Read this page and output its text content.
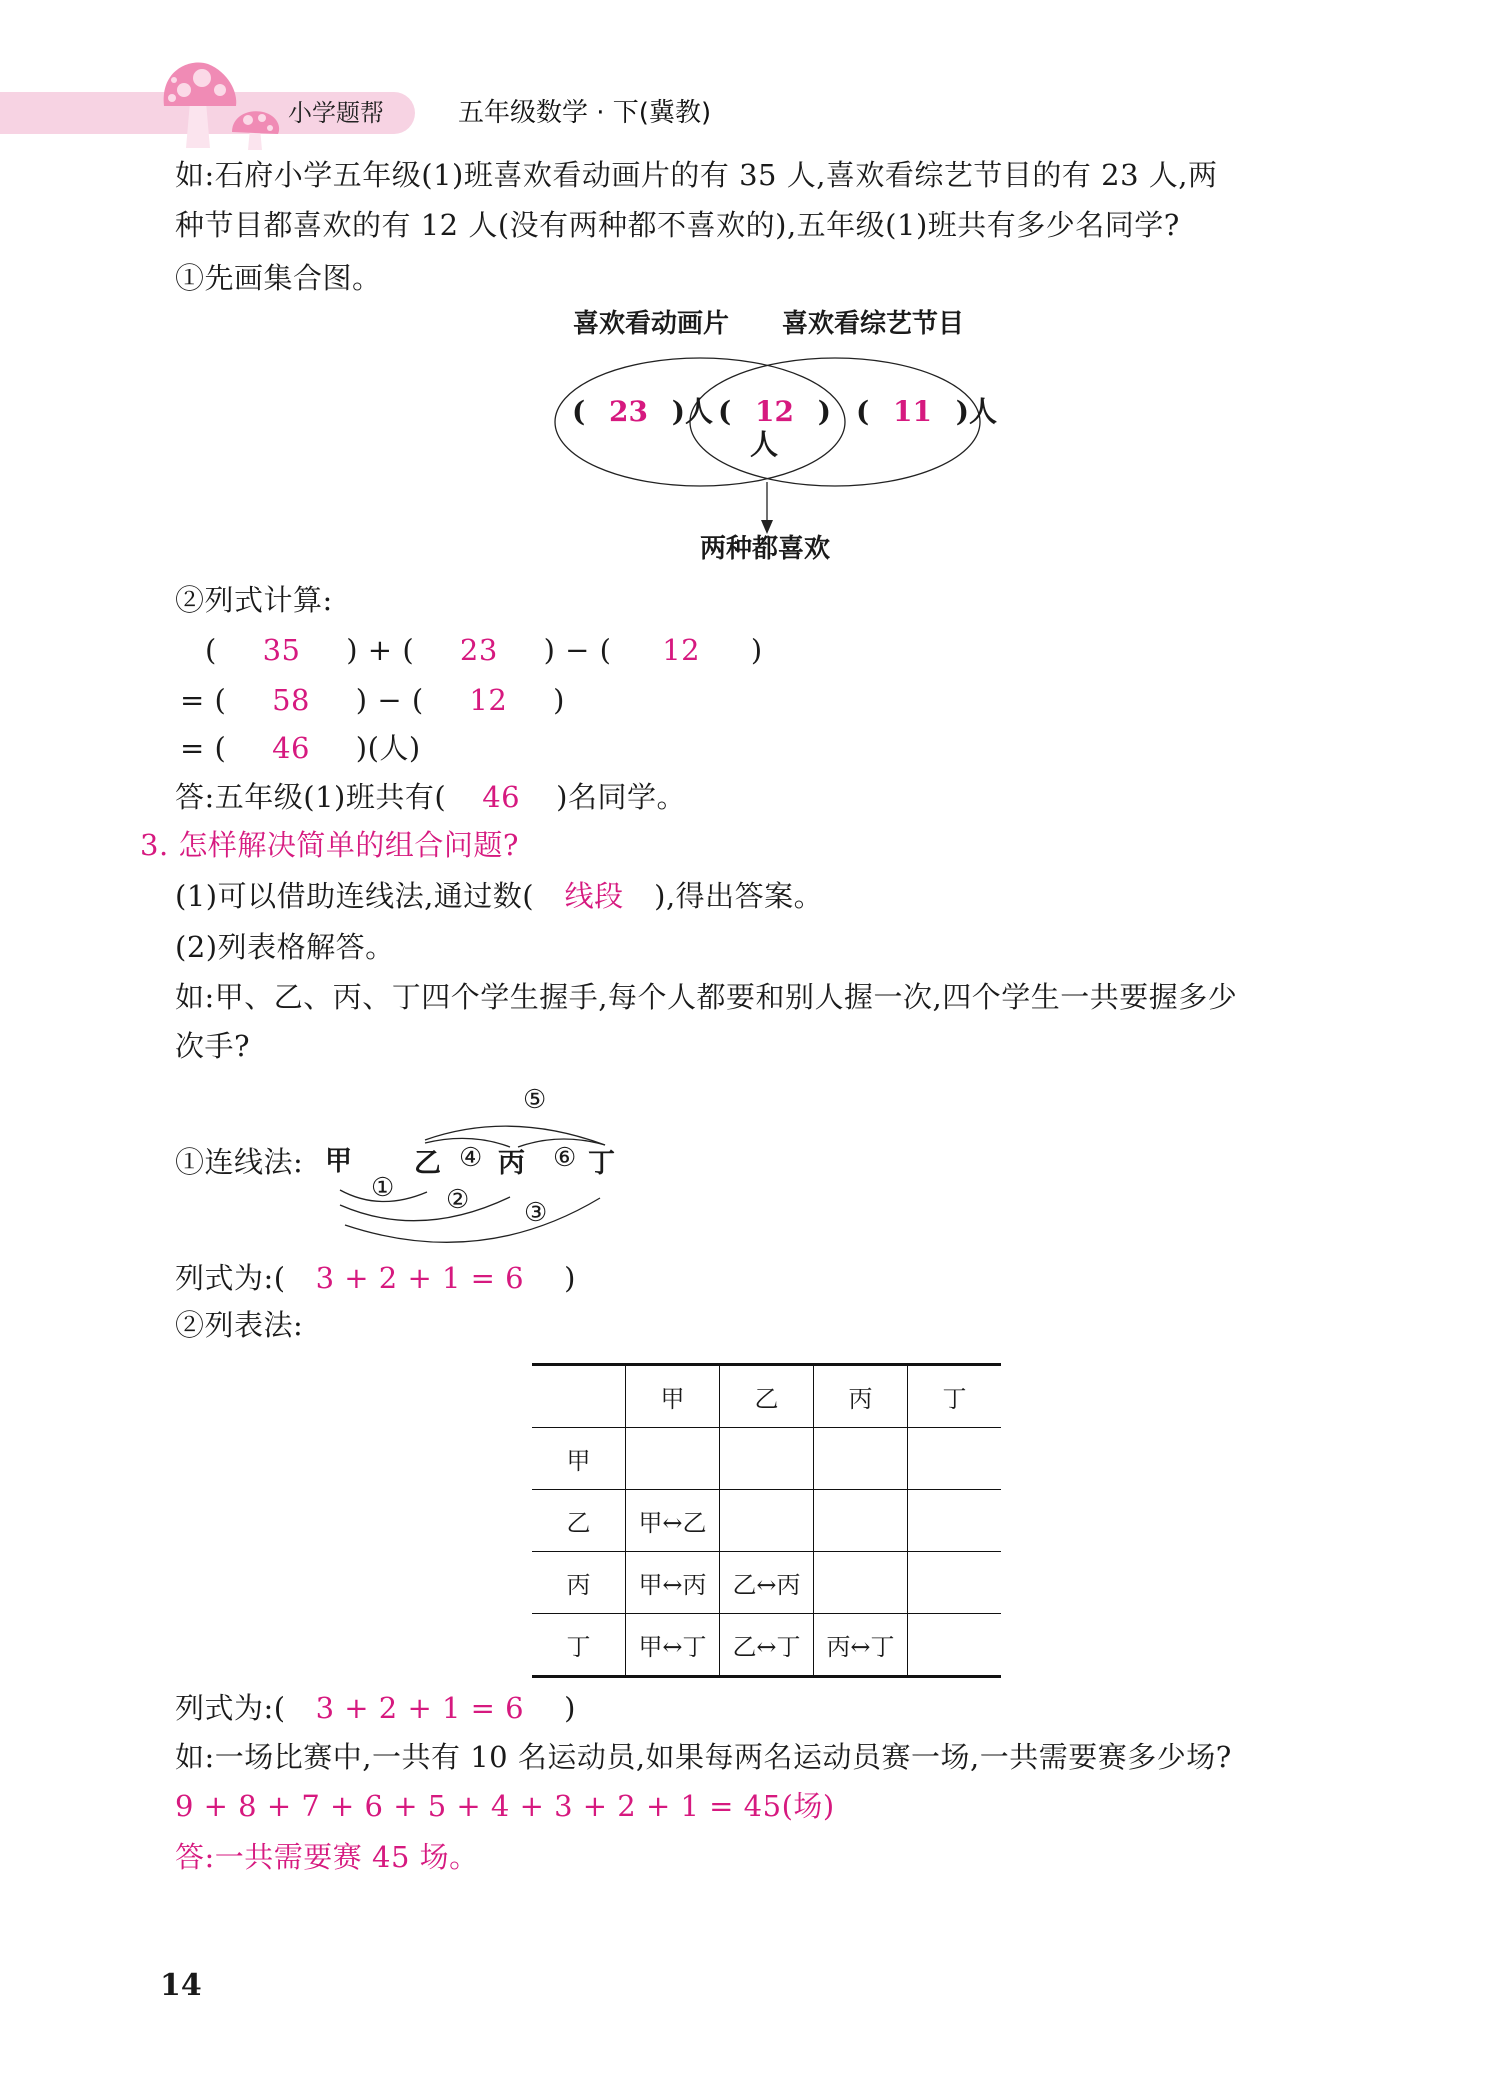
小学题帮	五年级数学 · 下(冀教)
如:石府小学五年级(1)班喜欢看动画片的有 35 人,喜欢看综艺节目的有 23 人,两
种节目都喜欢的有 12 人(没有两种都不喜欢的),五年级(1)班共有多少名同学?
①先画集合图。
喜欢看动画片 喜欢看综艺节目
( 23 )人 ( 12 )
人
( 11 )人
两种都喜欢
②列式计算:
( 35 ) + ( 23 ) − ( 12 )
= ( 58 ) − ( 12 )
= ( 46 )(人)
答:五年级(1)班共有( 46 )名同学。
3. 怎样解决简单的组合问题?
(1)可以借助连线法,通过数( 线段 ),得出答案。
(2)列表格解答。
如:甲、乙、丙、丁四个学生握手,每个人都要和别人握一次,四个学生一共要握多少
次手?
①连线法: 甲 乙 丙 丁
① ② ③
④
⑤
⑥
列式为:( 3 + 2 + 1 = 6 )
②列表法:
	甲	乙	丙	丁
甲				
乙	甲↔乙			
丙	甲↔丙	乙↔丙		
丁	甲↔丁	乙↔丁	丙↔丁	
列式为:( 3 + 2 + 1 = 6 )
如:一场比赛中,一共有 10 名运动员,如果每两名运动员赛一场,一共需要赛多少场?
9 + 8 + 7 + 6 + 5 + 4 + 3 + 2 + 1 = 45(场)
答:一共需要赛 45 场。
14
